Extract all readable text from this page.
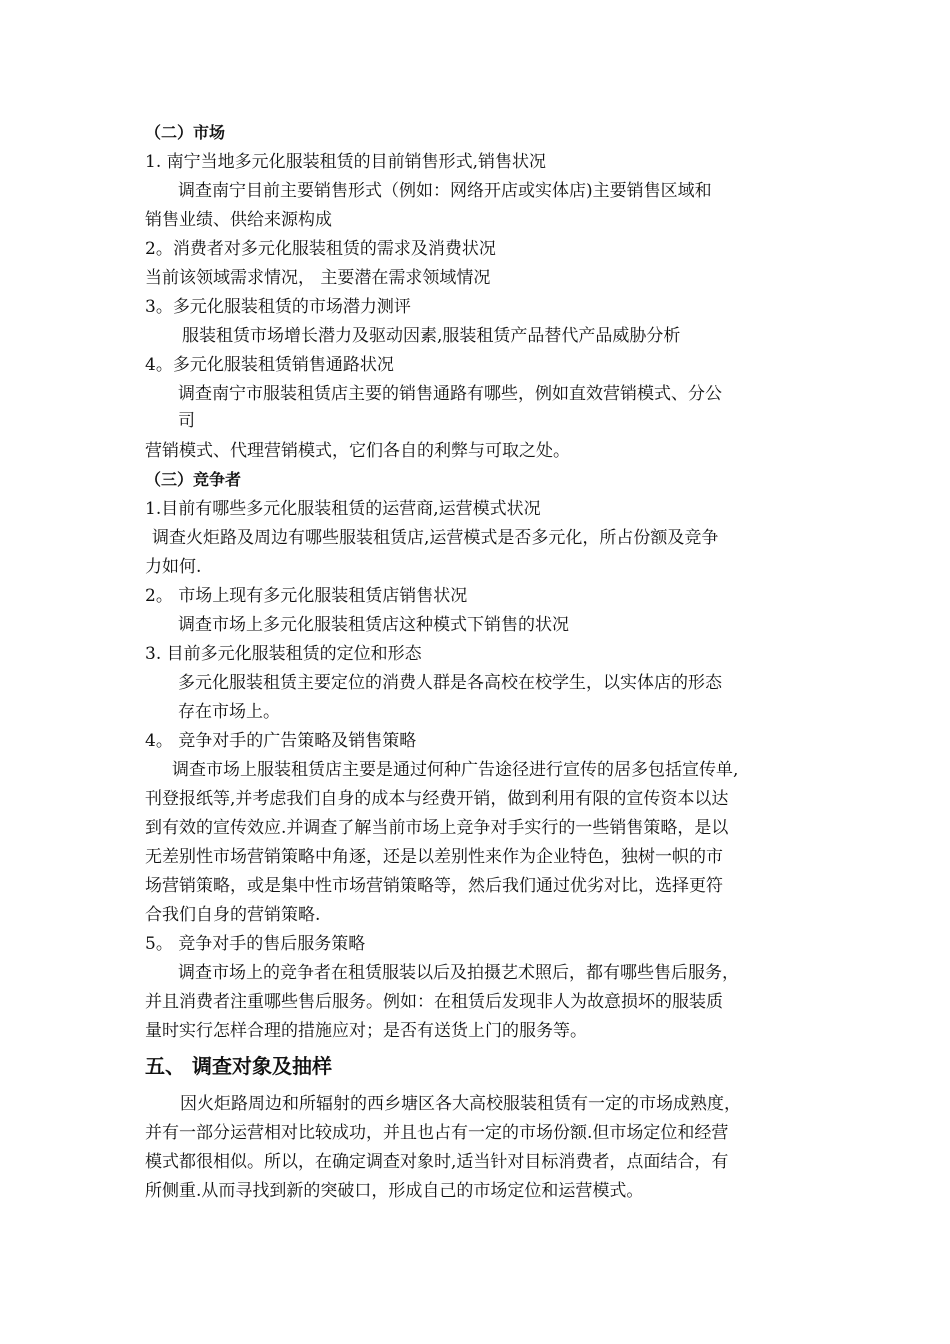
（二）市场
1. 南宁当地多元化服装租赁的目前销售形式,销售状况
调查南宁目前主要销售形式（例如：网络开店或实体店)主要销售区域和
销售业绩、供给来源构成
2。消费者对多元化服装租赁的需求及消费状况
当前该领域需求情况， 主要潜在需求领域情况
3。多元化服装租赁的市场潜力测评
服装租赁市场增长潜力及驱动因素,服装租赁产品替代产品威胁分析
4。多元化服装租赁销售通路状况
调查南宁市服装租赁店主要的销售通路有哪些，例如直效营销模式、分公
司
营销模式、代理营销模式，它们各自的利弊与可取之处。
（三）竞争者
1.目前有哪些多元化服装租赁的运营商,运营模式状况
调查火炬路及周边有哪些服装租赁店,运营模式是否多元化，所占份额及竞争
力如何.
2。 市场上现有多元化服装租赁店销售状况
调查市场上多元化服装租赁店这种模式下销售的状况
3. 目前多元化服装租赁的定位和形态
多元化服装租赁主要定位的消费人群是各高校在校学生，以实体店的形态
存在市场上。
4。 竞争对手的广告策略及销售策略
调查市场上服装租赁店主要是通过何种广告途径进行宣传的居多包括宣传单,
刊登报纸等,并考虑我们自身的成本与经费开销，做到利用有限的宣传资本以达
到有效的宣传效应.并调查了解当前市场上竞争对手实行的一些销售策略，是以
无差别性市场营销策略中角逐，还是以差别性来作为企业特色，独树一帜的市
场营销策略，或是集中性市场营销策略等，然后我们通过优劣对比，选择更符
合我们自身的营销策略.
5。 竞争对手的售后服务策略
调查市场上的竞争者在租赁服装以后及拍摄艺术照后，都有哪些售后服务，
并且消费者注重哪些售后服务。例如：在租赁后发现非人为故意损坏的服装质
量时实行怎样合理的措施应对；是否有送货上门的服务等。
五、 调查对象及抽样
因火炬路周边和所辐射的西乡塘区各大高校服装租赁有一定的市场成熟度，
并有一部分运营相对比较成功，并且也占有一定的市场份额.但市场定位和经营
模式都很相似。所以，在确定调查对象时,适当针对目标消费者，点面结合，有
所侧重.从而寻找到新的突破口，形成自己的市场定位和运营模式。
